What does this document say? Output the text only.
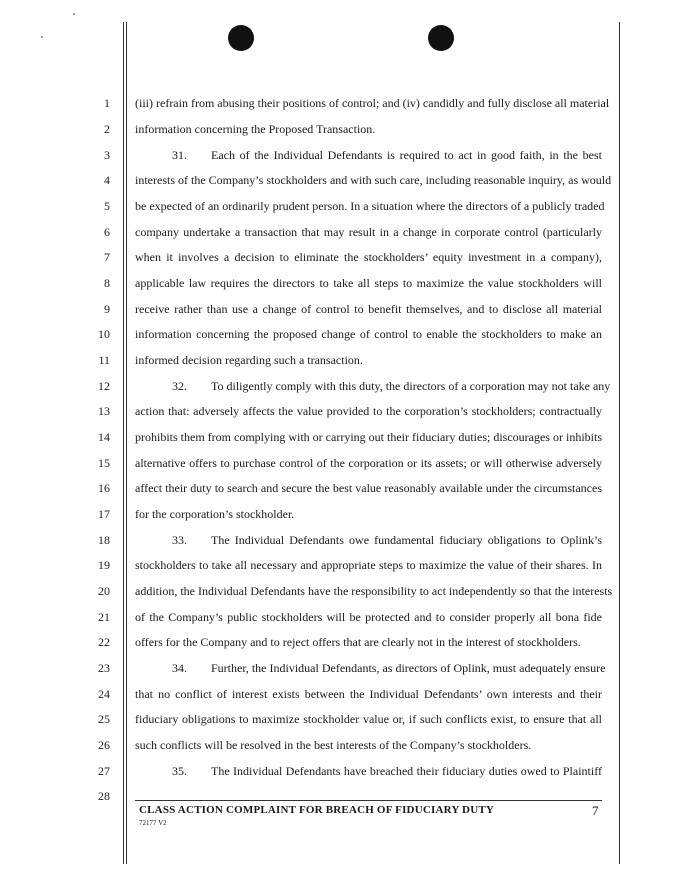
1
2
3
4
5
6
7
8
9
10
11
12
13
14
15
16
17
18
19
20
21
22
23
24
25
26
27
28
(iii) refrain from abusing their positions of control; and (iv) candidly and fully disclose all material
information concerning the Proposed Transaction.
31.  Each of the Individual Defendants is required to act in good faith, in the best
interests of the Company’s stockholders and with such care, including reasonable inquiry, as would
be expected of an ordinarily prudent person. In a situation where the directors of a publicly traded
company undertake a transaction that may result in a change in corporate control (particularly
when it involves a decision to eliminate the stockholders’ equity investment in a company),
applicable law requires the directors to take all steps to maximize the value stockholders will
receive rather than use a change of control to benefit themselves, and to disclose all material
information concerning the proposed change of control to enable the stockholders to make an
informed decision regarding such a transaction.
32.  To diligently comply with this duty, the directors of a corporation may not take any
action that: adversely affects the value provided to the corporation’s stockholders; contractually
prohibits them from complying with or carrying out their fiduciary duties; discourages or inhibits
alternative offers to purchase control of the corporation or its assets; or will otherwise adversely
affect their duty to search and secure the best value reasonably available under the circumstances
for the corporation’s stockholder.
33.  The Individual Defendants owe fundamental fiduciary obligations to Oplink’s
stockholders to take all necessary and appropriate steps to maximize the value of their shares. In
addition, the Individual Defendants have the responsibility to act independently so that the interests
of the Company’s public stockholders will be protected and to consider properly all bona fide
offers for the Company and to reject offers that are clearly not in the interest of stockholders.
34.  Further, the Individual Defendants, as directors of Oplink, must adequately ensure
that no conflict of interest exists between the Individual Defendants’ own interests and their
fiduciary obligations to maximize stockholder value or, if such conflicts exist, to ensure that all
such conflicts will be resolved in the best interests of the Company’s stockholders.
35.  The Individual Defendants have breached their fiduciary duties owed to Plaintiff
CLASS ACTION COMPLAINT FOR BREACH OF FIDUCIARY DUTY
72177 V2
7
